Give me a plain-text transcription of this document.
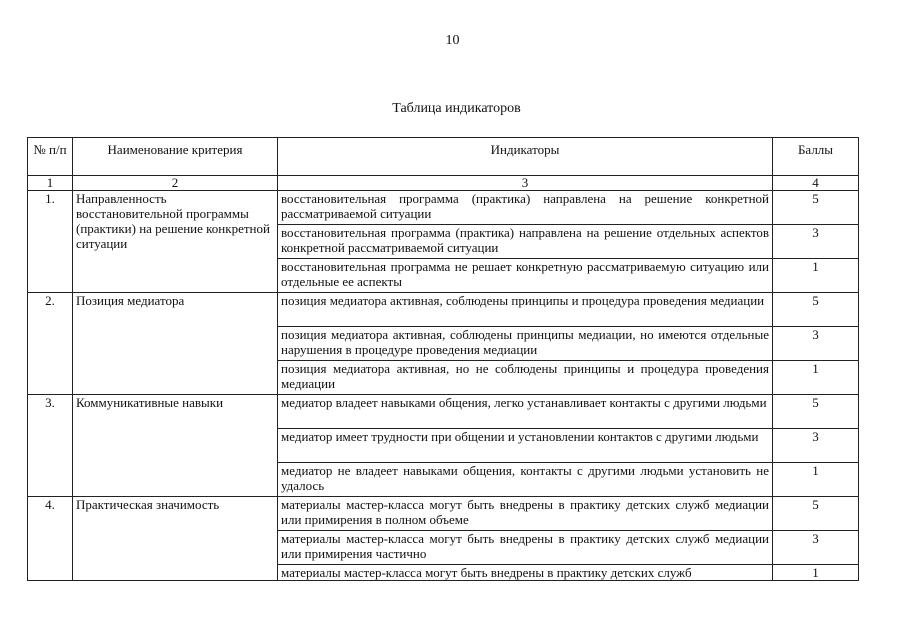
10
Таблица индикаторов
№ п/п	Наименование критерия	Индикаторы	Баллы
1	2	3	4
1.	Направленность восстановительной программы (практики) на решение конкретной ситуации	восстановительная программа (практика) направлена на решение конкретной рассматриваемой ситуации	5
		восстановительная программа (практика) направлена на решение отдельных аспектов конкретной рассматриваемой ситуации	3
		восстановительная программа не решает конкретную рассматриваемую ситуацию или отдельные ее аспекты	1
2.	Позиция медиатора	позиция медиатора активная, соблюдены принципы и процедура проведения медиации	5
		позиция медиатора активная, соблюдены принципы медиации, но имеются отдельные нарушения в процедуре проведения медиации	3
		позиция медиатора активная, но не соблюдены принципы и процедура проведения медиации	1
3.	Коммуникативные навыки	медиатор владеет навыками общения, легко устанавливает контакты с другими людьми	5
		медиатор имеет трудности при общении и установлении контактов с другими людьми	3
		медиатор не владеет навыками общения, контакты с другими людьми установить не удалось	1
4.	Практическая значимость	материалы мастер-класса могут быть внедрены в практику детских служб медиации или примирения в полном объеме	5
		материалы мастер-класса могут быть внедрены в практику детских служб медиации или примирения частично	3
		материалы мастер-класса могут быть внедрены в практику детских служб	1
